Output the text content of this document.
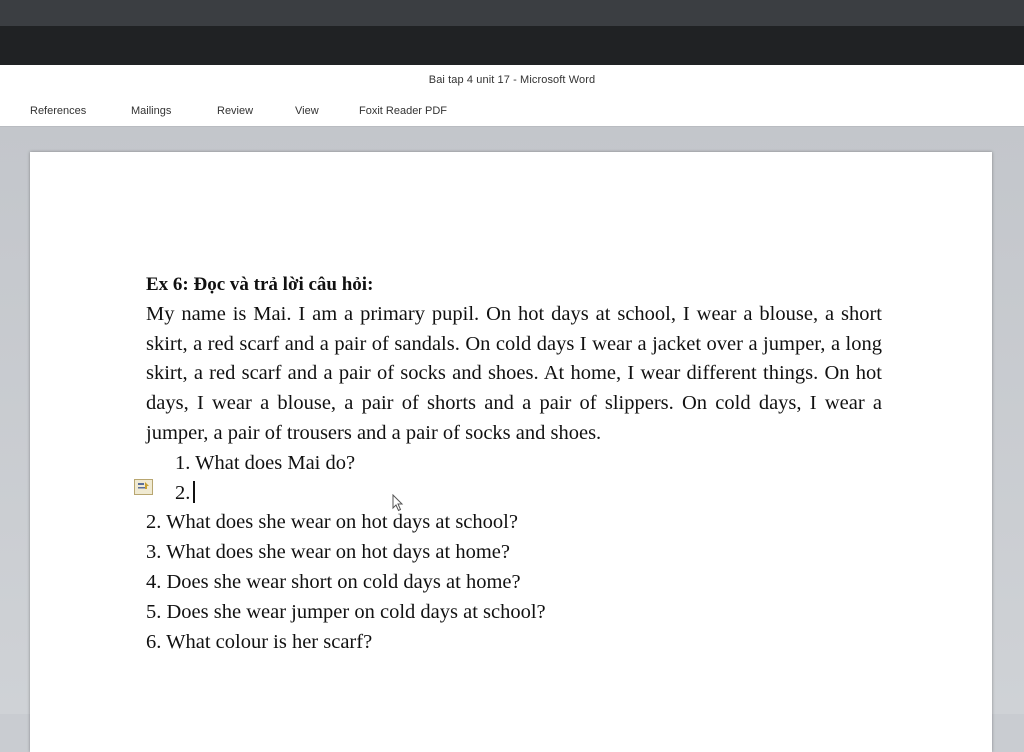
Bai tap 4 unit 17 - Microsoft Word
References	Mailings	Review	View	Foxit Reader PDF
Ex 6: Đọc và trả lời câu hỏi:
My name is Mai. I am a primary pupil. On hot days at school, I wear a blouse, a short skirt, a red scarf and a pair of sandals. On cold days I wear a jacket over a jumper, a long skirt, a red scarf and a pair of socks and shoes. At home, I wear different things. On hot days, I wear a blouse, a pair of shorts and a pair of slippers. On cold days, I wear a jumper, a pair of trousers and a pair of socks and shoes.
1. What does Mai do?
2.
2. What does she wear on hot days at school?
3. What does she wear on hot days at home?
4. Does she wear short on cold days at home?
5. Does she wear jumper on cold days at school?
6. What colour is her scarf?
